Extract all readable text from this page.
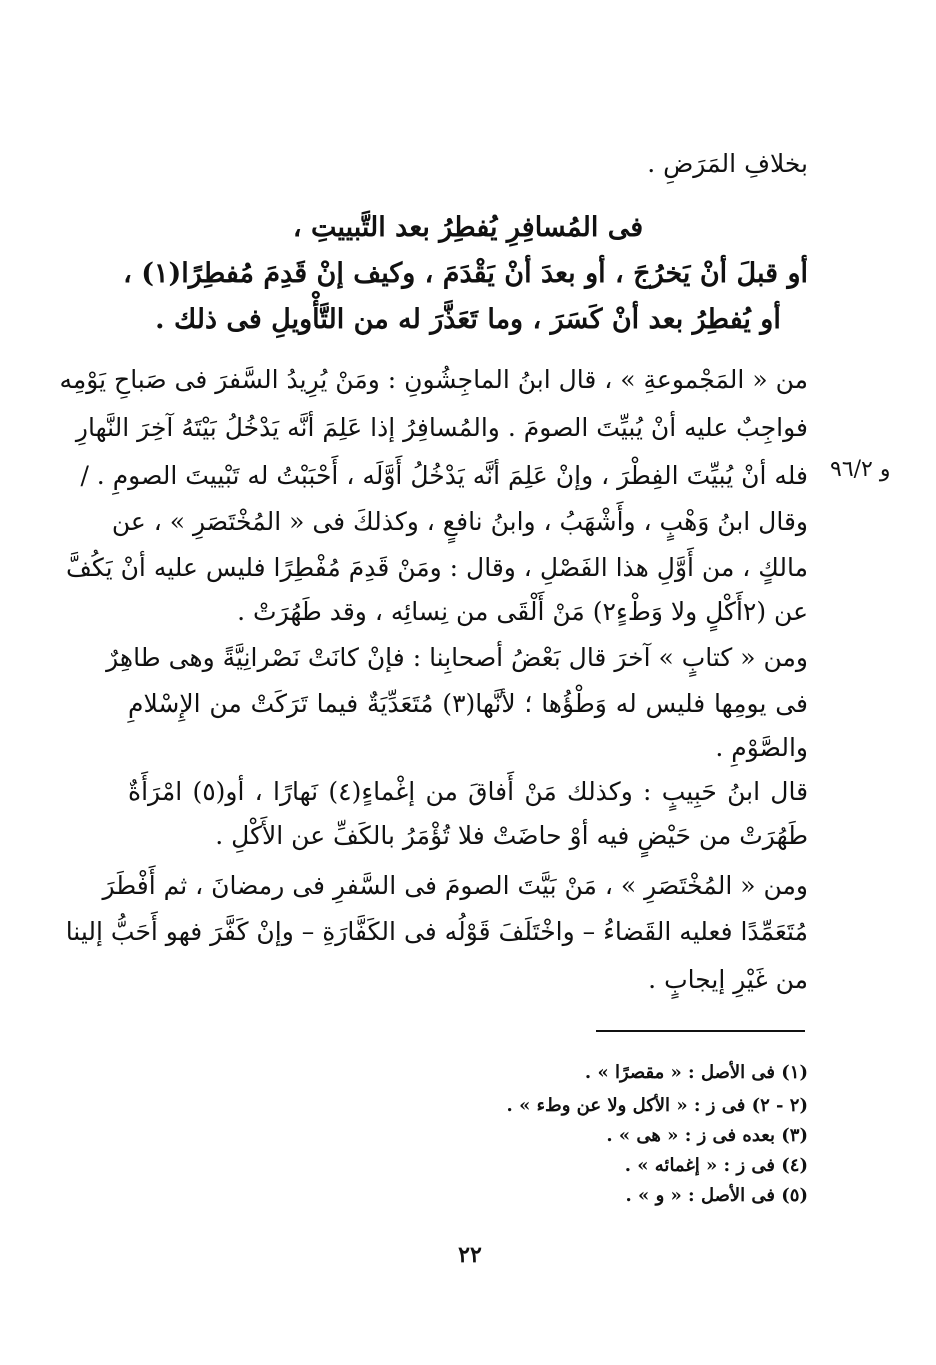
بخلافِ المَرَضِ .
فى المُسافِرِ يُفطِرُ بعد التَّبييتِ ،
أو قبلَ أنْ يَخرُجَ ، أو بعدَ أنْ يَقْدَمَ ، وكيف إنْ قَدِمَ مُفطِرًا(١) ،
أو يُفطِرُ بعد أنْ كَسَرَ ، وما تَعَذَّرَ له من التَّأْويلِ فى ذلك .
من « المَجْموعةِ » ، قال ابنُ الماجِشُونِ : ومَنْ يُرِيدُ السَّفرَ فى صَباحِ يَوْمِه
فواجِبٌ عليه أنْ يُبيِّتَ الصومَ . والمُسافِرُ إذا عَلِمَ أنَّه يَدْخُلُ بَيْتَهُ آخِرَ النَّهارِ
فله أنْ يُبيِّتَ الفِطْرَ ، وإنْ عَلِمَ أنَّه يَدْخُلُ أَوَّلَه ، أَحْبَبْتُ له تَبْييتَ الصومِ . /
وقال ابنُ وَهْبٍ ، وأَشْهَبُ ، وابنُ نافعٍ ، وكذلكَ فى « المُخْتَصَرِ » ، عن
مالكٍ ، من أَوَّلِ هذا الفَصْلِ ، وقال : ومَنْ قَدِمَ مُفْطِرًا فليس عليه أنْ يَكُفَّ
عن (٢أَكْلٍ ولا وَطْءٍ٢) مَنْ أَلْقَى من نِسائِه ، وقد طَهُرَتْ .
ومن « كتابٍ » آخرَ قال بَعْضُ أصحابِنا : فإنْ كانَتْ نَصْرانِيَّةً وهى طاهِرٌ
فى يومِها فليس له وَطْؤُها ؛ لأنَّها(٣) مُتَعَدِّيَةٌ فيما تَرَكَتْ من الإِسْلامِ
والصَّوْمِ .
قال ابنُ حَبِيبٍ : وكذلك مَنْ أَفاقَ من إغْماءٍ(٤) نَهارًا ، أو(٥) امْرَأَةٌ
طَهُرَتْ من حَيْضٍ فيه أوْ حاضَتْ فلا تُؤْمَرُ بالكَفِّ عن الأَكْلِ .
ومن « المُخْتَصَرِ » ، مَنْ بَيَّتَ الصومَ فى السَّفرِ فى رمضانَ ، ثم أَفْطَرَ
مُتَعَمِّدًا فعليه القَضاءُ – واخْتَلَفَ قَوْلُه فى الكَفَّارَةِ – وإنْ كَفَّرَ فهو أَحَبُّ إلينا
من غَيْرِ إيجابٍ .
و ٩٦/٢
(١) فى الأصل : « مقصرًا » .
(٢ - ٢) فى ز : « الأكل ولا عن وطء » .
(٣) بعده فى ز : « هى » .
(٤) فى ز : « إغمائه » .
(٥) فى الأصل : « و » .
٢٢
